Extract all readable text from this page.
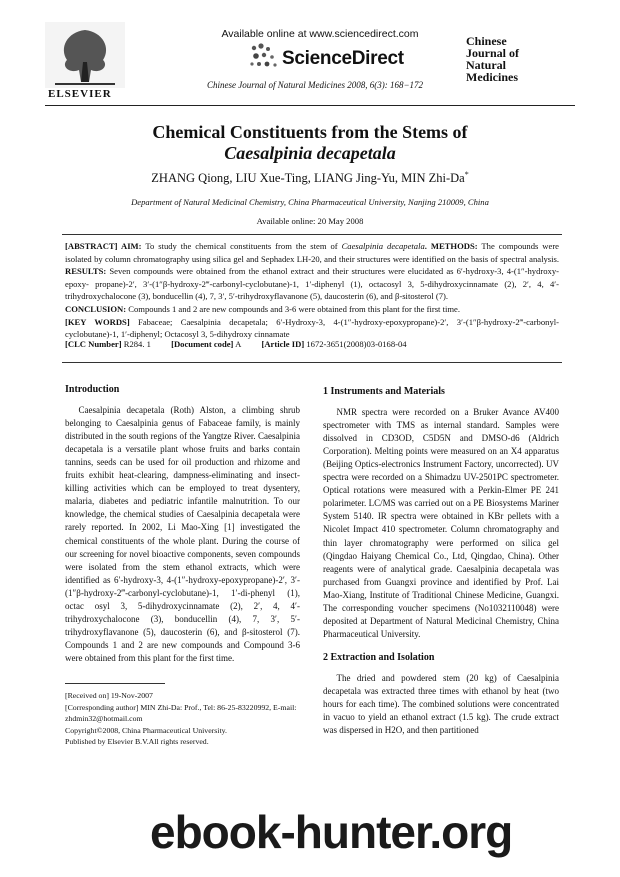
ELSEVIER
Available online at www.sciencedirect.com
ScienceDirect
Chinese Journal of Natural Medicines 2008, 6(3): 168−172
Chinese
Journal of
Natural
Medicines
Chemical Constituents from the Stems of
Caesalpinia decapetala
ZHANG Qiong, LIU Xue-Ting, LIANG Jing-Yu, MIN Zhi-Da*
Department of Natural Medicinal Chemistry, China Pharmaceutical University, Nanjing 210009, China
Available online: 20 May 2008
[ABSTRACT] AIM: To study the chemical constituents from the stem of Caesalpinia decapetala. METHODS: The compounds were isolated by column chromatography using silica gel and Sephadex LH-20, and their structures were identified on the basis of spectral analysis. RESULTS: Seven compounds were obtained from the ethanol extract and their structures were elucidated as 6′-hydroxy-3, 4-(1″-hydroxy-epoxy- propane)-2′, 3′-(1″β-hydroxy-2‴-carbonyl-cyclobutane)-1, 1′-diphenyl (1), octacosyl 3, 5-dihydroxycinnamate (2), 2′, 4, 4′-trihydroxychalocone (3), bonducellin (4), 7, 3′, 5′-trihydroxyflavanone (5), daucosterin (6), and β-sitosterol (7).
CONCLUSION: Compounds 1 and 2 are new compounds and 3-6 were obtained from this plant for the first time.
[KEY WORDS] Fabaceae; Caesalpinia decapetala; 6′-Hydroxy-3, 4-(1″-hydroxy-epoxypropane)-2′, 3′-(1″β-hydroxy-2‴-carbonyl-cyclobutane)-1, 1′-diphenyl; Octacosyl 3, 5-dihydroxy cinnamate
[CLC Number] R284. 1 [Document code] A [Article ID] 1672-3651(2008)03-0168-04
Introduction

Caesalpinia decapetala (Roth) Alston, a climbing shrub belonging to Caesalpinia genus of Fabaceae family, is mainly distributed in the south regions of the Yangtze River. Caesalpinia decapetala is a versatile plant whose fruits and barks contain tannins, seeds can be used for oil production and rhizome and fruits exhibit heat-clearing, dampness-eliminating and insect-killing activities which can be employed to treat dysentery, malaria, diabetes and pediatric infantile malnutrition. To our knowledge, the chemical studies of Caesalpinia decapetala were rarely reported. In 2002, Li Mao-Xing [1] investigated the chemical constituents of the whole plant. During the course of our screening for novel bioactive components, seven compounds were isolated from the stem ethanol extracts, which were identified as 6′-hydroxy-3, 4-(1″-hydroxy-epoxypropane)-2′, 3′-(1″β-hydroxy-2‴-carbonyl-cyclobutane)-1, 1′-di-phenyl (1), octac osyl 3, 5-dihydroxycinnamate (2), 2′, 4, 4′-trihydroxychalocone (3), bonducellin (4), 7, 3′, 5′-trihydroxyflavanone (5), daucosterin (6), and β-sitosterol (7). Compounds 1 and 2 are new compounds and Compound 3-6 were obtained from this plant for the first time.

1 Instruments and Materials

NMR spectra were recorded on a Bruker Avance AV400 spectrometer with TMS as internal standard. Samples were dissolved in CD3OD, C5D5N and DMSO-d6 (Aldrich Corporation). Melting points were measured on an X4 apparatus (Beijing Optics-electronics Instrument Factory, uncorrected). UV spectra were recorded on a Shimadzu UV-2501PC spectrometer. Optical rotations were measured with a Perkin-Elmer PE 241 polarimeter. LC/MS was carried out on a PE Biosystems Mariner System 5140. IR spectra were obtained in KBr pellets with a Nicolet Impact 410 spectrometer. Column chromatography and thin layer chromatography were performed on silica gel (Qingdao Haiyang Chemical Co., Ltd, Qingdao, China). Other reagents were of analytical grade. Caesalpinia decapetala was purchased from Guangxi province and identified by Prof. Lai Mao-Xiang, Institute of Traditional Chinese Medicine, Guangxi. The corresponding voucher specimens (No1032110048) were deposited at Department of Natural Medicinal Chemistry, China Pharmaceutical University.

2 Extraction and Isolation

The dried and powdered stem (20 kg) of Caesalpinia decapetala was extracted three times with ethanol by heat (two hours for each time). The combined solutions were concentrated in vacuo to yield an ethanol extract (1.5 kg). The crude extract was dispersed in H2O, and then partitioned

[Received on] 19-Nov-2007
[Corresponding author] MIN Zhi-Da: Prof., Tel: 86-25-83220992, E-mail: zhdmin32@hotmail.com
Copyright©2008, China Pharmaceutical University.
Published by Elsevier B.V.All rights reserved.
ebook-hunter.org
